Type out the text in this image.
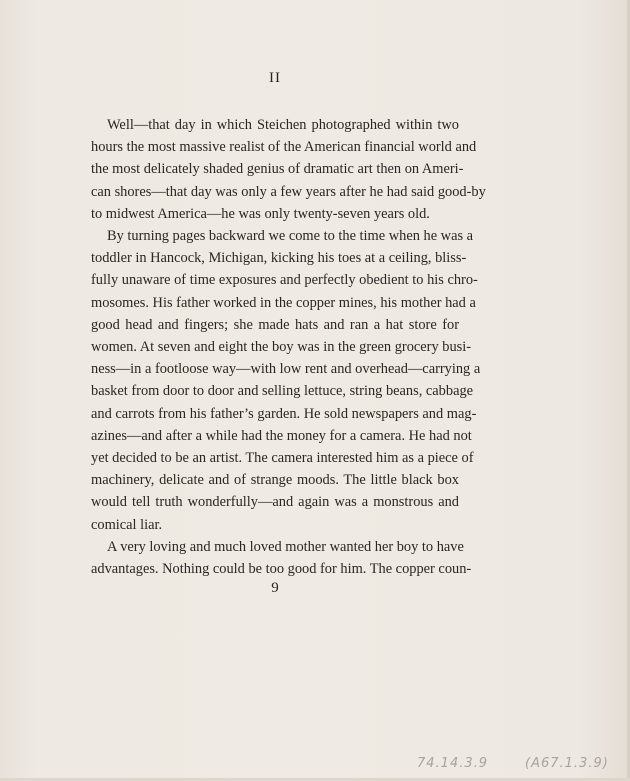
II

Well—that day in which Steichen photographed within two
hours the most massive realist of the American financial world and
the most delicately shaded genius of dramatic art then on Ameri-
can shores—that day was only a few years after he had said good-by
to midwest America—he was only twenty-seven years old.

By turning pages backward we come to the time when he was a
toddler in Hancock, Michigan, kicking his toes at a ceiling, bliss-
fully unaware of time exposures and perfectly obedient to his chro-
mosomes. His father worked in the copper mines, his mother had a
good head and fingers; she made hats and ran a hat store for
women. At seven and eight the boy was in the green grocery busi-
ness—in a footloose way—with low rent and overhead—carrying a
basket from door to door and selling lettuce, string beans, cabbage
and carrots from his father’s garden. He sold newspapers and mag-
azines—and after a while had the money for a camera. He had not
yet decided to be an artist. The camera interested him as a piece of
machinery, delicate and of strange moods. The little black box
would tell truth wonderfully—and again was a monstrous and
comical liar.

A very loving and much loved mother wanted her boy to have
advantages. Nothing could be too good for him. The copper coun-

9
74.14.3.9	(A67.1.3.9)
